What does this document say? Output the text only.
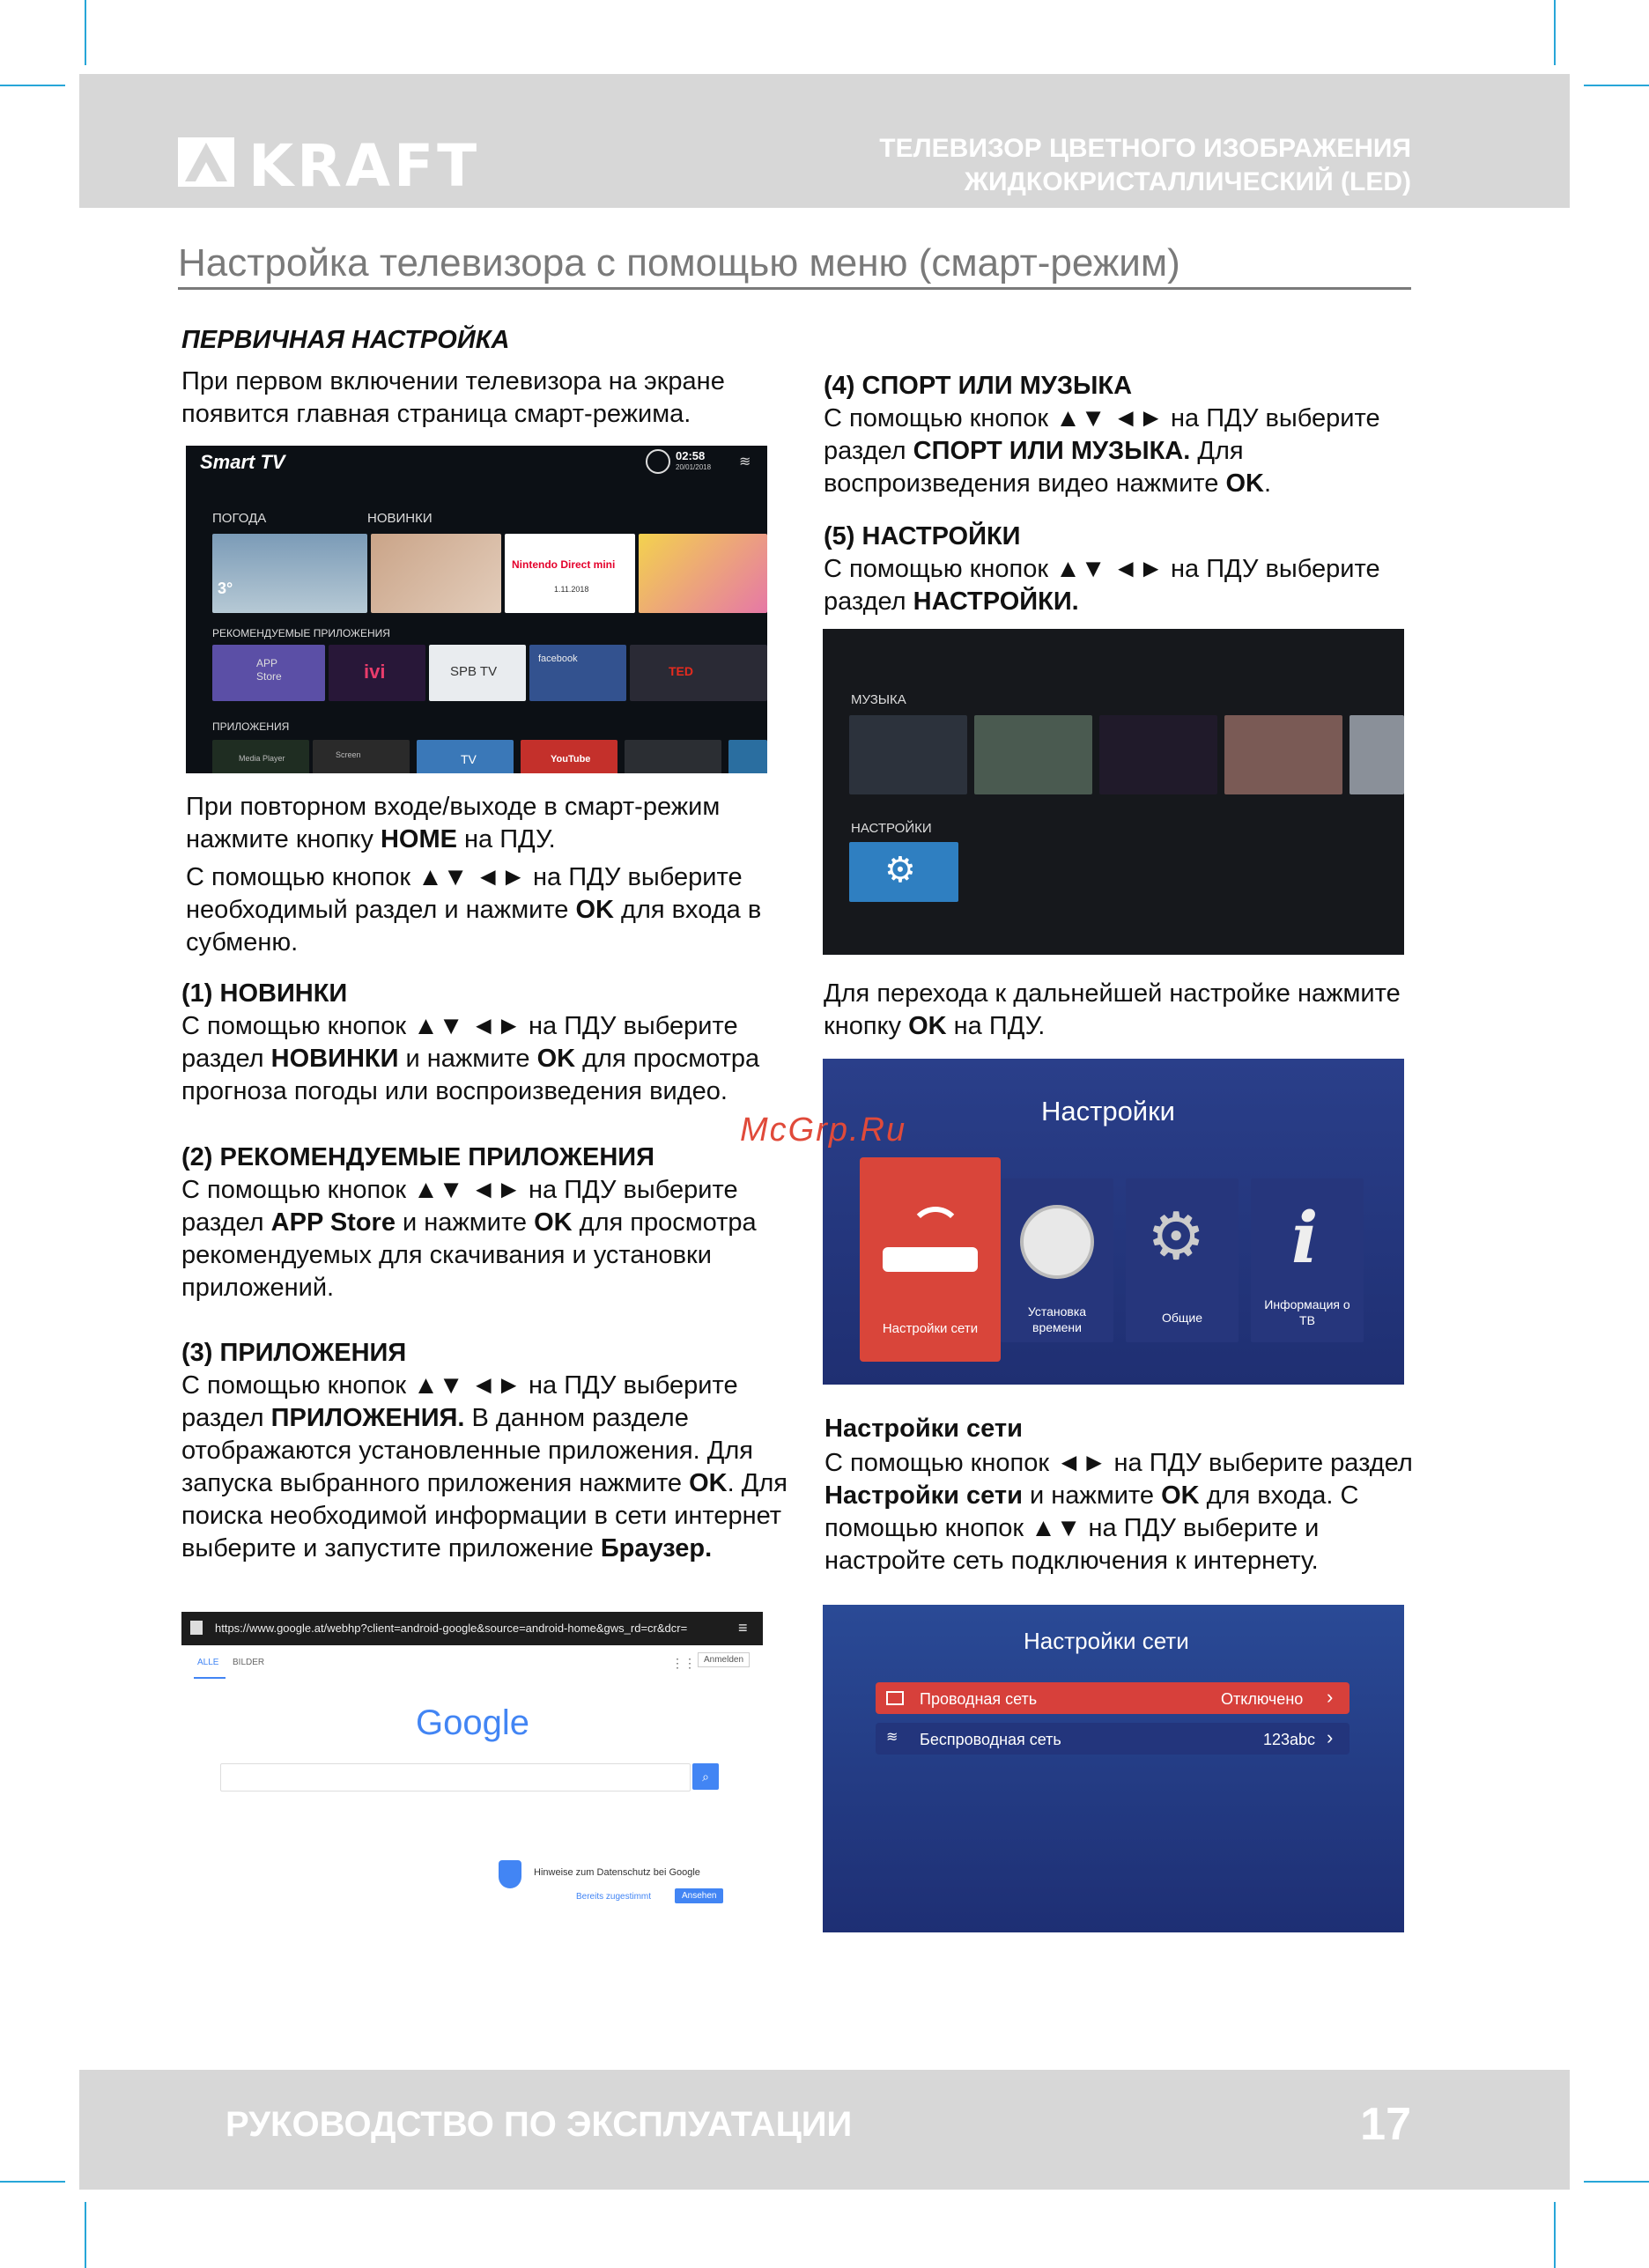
KRAFT	ТЕЛЕВИЗОР ЦВЕТНОГО ИЗОБРАЖЕНИЯ
ЖИДКОКРИСТАЛЛИЧЕСКИЙ (LED)
Настройка телевизора с помощью меню (смарт-режим)
ПЕРВИЧНАЯ НАСТРОЙКА
При первом включении телевизора на экране появится главная страница смарт-режима.
Smart TV	02:58
20/01/2018 ≋
ПОГОДА	НОВИНКИ
3°
Nintendo Direct mini
1.11.2018
РЕКОМЕНДУЕМЫЕ ПРИЛОЖЕНИЯ
APP Store	ivi	SPB TV
facebook
TED
ПРИЛОЖЕНИЯ
Media Player	Screen	TV	YouTube
При повторном входе/выходе в смарт-режим нажмите кнопку HOME на ПДУ.
С помощью кнопок ▲▼ ◄► на ПДУ выберите необходимый раздел и нажмите OK для входа в субменю.
(1) НОВИНКИ
С помощью кнопок ▲▼ ◄► на ПДУ выберите раздел НОВИНКИ и нажмите OK для просмотра прогноза погоды или воспроизведения видео.
(2) РЕКОМЕНДУЕМЫЕ ПРИЛОЖЕНИЯ
С помощью кнопок ▲▼ ◄► на ПДУ выберите раздел APP Store и нажмите OK для просмотра рекомендуемых для скачивания и установки приложений.
(3) ПРИЛОЖЕНИЯ
С помощью кнопок ▲▼ ◄► на ПДУ выберите раздел ПРИЛОЖЕНИЯ. В данном разделе отображаются установленные приложения. Для запуска выбранного приложения нажмите OK. Для поиска необходимой информации в сети интернет выберите и запустите приложение Браузер.
https://www.google.at/webhp?client=android-google&source=android-home&gws_rd=cr&dcr=	≡
ALLE BILDER	⋮⋮ Anmelden
Google
⌕
Hinweise zum Datenschutz bei Google
Bereits zugestimmt	Ansehen
(4) СПОРТ ИЛИ МУЗЫКА
С помощью кнопок ▲▼ ◄► на ПДУ выберите раздел СПОРТ ИЛИ МУЗЫКА. Для воспроизведения видео нажмите OK.
(5) НАСТРОЙКИ
С помощью кнопок ▲▼ ◄► на ПДУ выберите раздел НАСТРОЙКИ.
МУЗЫКА
НАСТРОЙКИ
⚙
Для перехода к дальнейшей настройке нажмите кнопку OK на ПДУ.
Настройки
Настройки сети
Установка времени
⚙
Общие
i
Информация о ТВ
Настройки сети
С помощью кнопок ◄► на ПДУ выберите раздел Настройки сети и нажмите OK для входа. С помощью кнопок ▲▼ на ПДУ выберите и настройте сеть подключения к интернету.
Настройки сети
Проводная сеть	Отключено ›
≋ Беспроводная сеть	123abc ›
McGrp.Ru
РУКОВОДСТВО ПО ЭКСПЛУАТАЦИИ	17
